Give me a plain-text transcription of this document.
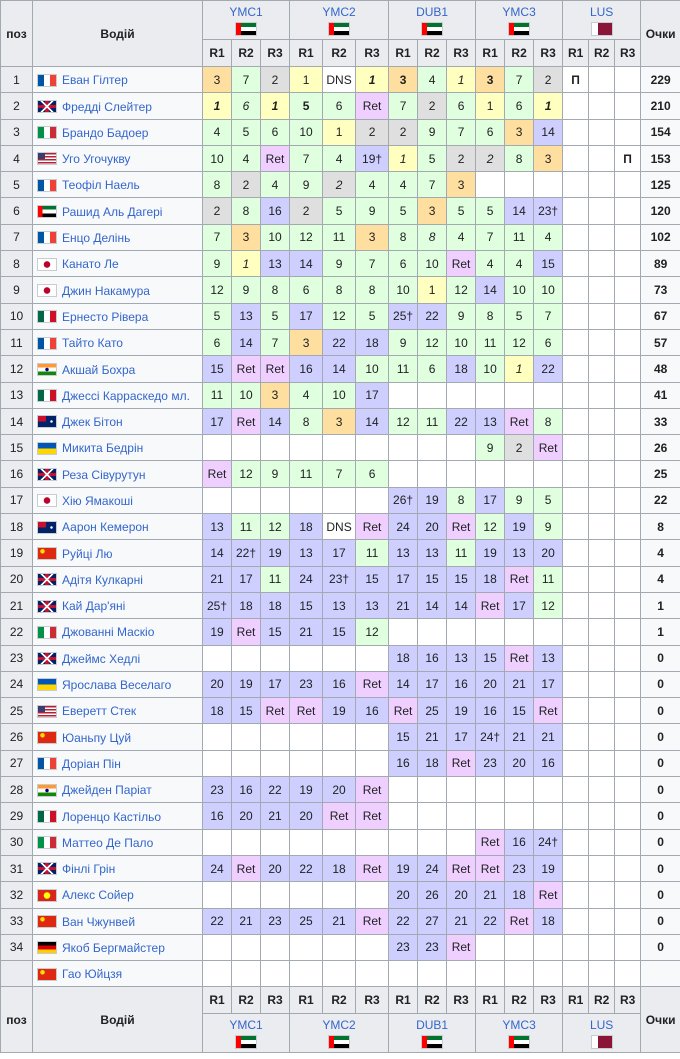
поз	Водій	YMC1			YMC2			DUB1			YMC3			LUS			Очки
		R1	R2	R3	R1	R2	R3	R1	R2	R3	R1	R2	R3	R1	R2	R3	
1	Еван Гілтер	3	7	2	1	DNS	1	3	4	1	3	7	2	П			229
2	Фредді Слейтер	1	6	1	5	6	Ret	7	2	6	1	6	1				210
3	Брандо Бадоер	4	5	6	10	1	2	2	9	7	6	3	14				154
4	Уго Угочукву	10	4	Ret	7	4	19†	1	5	2	2	8	3			П	153
5	Теофіл Наель	8	2	4	9	2	4	4	7	3							125
6	Рашид Аль Дагері	2	8	16	2	5	9	5	3	5	5	14	23†				120
7	Енцо Делінь	7	3	10	12	11	3	8	8	4	7	11	4				102
8	Канато Ле	9	1	13	14	9	7	6	10	Ret	4	4	15				89
9	Джин Накамура	12	9	8	6	8	8	10	1	12	14	10	10				73
10	Ернесто Рівера	5	13	5	17	12	5	25†	22	9	8	5	7				67
11	Тайто Като	6	14	7	3	22	18	9	12	10	11	12	6				57
12	Акшай Бохра	15	Ret	Ret	16	14	10	11	6	18	10	1	22				48
13	Джессі Карраскедо мл.	11	10	3	4	10	17										41
14	Джек Бітон	17	Ret	14	8	3	14	12	11	22	13	Ret	8				33
15	Микита Бедрін										9	2	Ret				26
16	Реза Сівурутун	Ret	12	9	11	7	6										25
17	Хію Ямакоші							26†	19	8	17	9	5				22
18	Аарон Кемерон	13	11	12	18	DNS	Ret	24	20	Ret	12	19	9				8
19	Руйці Лю	14	22†	19	13	17	11	13	13	11	19	13	20				4
20	Адітя Кулкарні	21	17	11	24	23†	15	17	15	15	18	Ret	11				4
21	Кай Дар'яні	25†	18	18	15	13	13	21	14	14	Ret	17	12				1
22	Джованні Маскіо	19	Ret	15	21	15	12										1
23	Джеймс Хедлі							18	16	13	15	Ret	13				0
24	Ярослава Веселаго	20	19	17	23	16	Ret	14	17	16	20	21	17				0
25	Еверетт Стек	18	15	Ret	Ret	19	16	Ret	25	19	16	15	Ret				0
26	Юаньпу Цуй							15	21	17	24†	21	21				0
27	Доріан Пін							16	18	Ret	23	20	16				0
28	Джейден Паріат	23	16	22	19	20	Ret										0
29	Лоренцо Кастільо	16	20	21	20	Ret	Ret										0
30	Маттео Де Пало										Ret	16	24†				0
31	Фінлі Грін	24	Ret	20	22	18	Ret	19	24	Ret	Ret	23	19				0
32	Алекс Сойер							20	26	20	21	18	Ret				0
33	Ван Чжунвей	22	21	23	25	21	Ret	22	27	21	22	Ret	18				0
34	Якоб Бергмайстер							23	23	Ret							0
	Гао Юйцзя																
поз	Водій	R1	R2	R3	R1	R2	R3	R1	R2	R3	R1	R2	R3	R1	R2	R3	Очки
		YMC1			YMC2			DUB1			YMC3			LUS			
